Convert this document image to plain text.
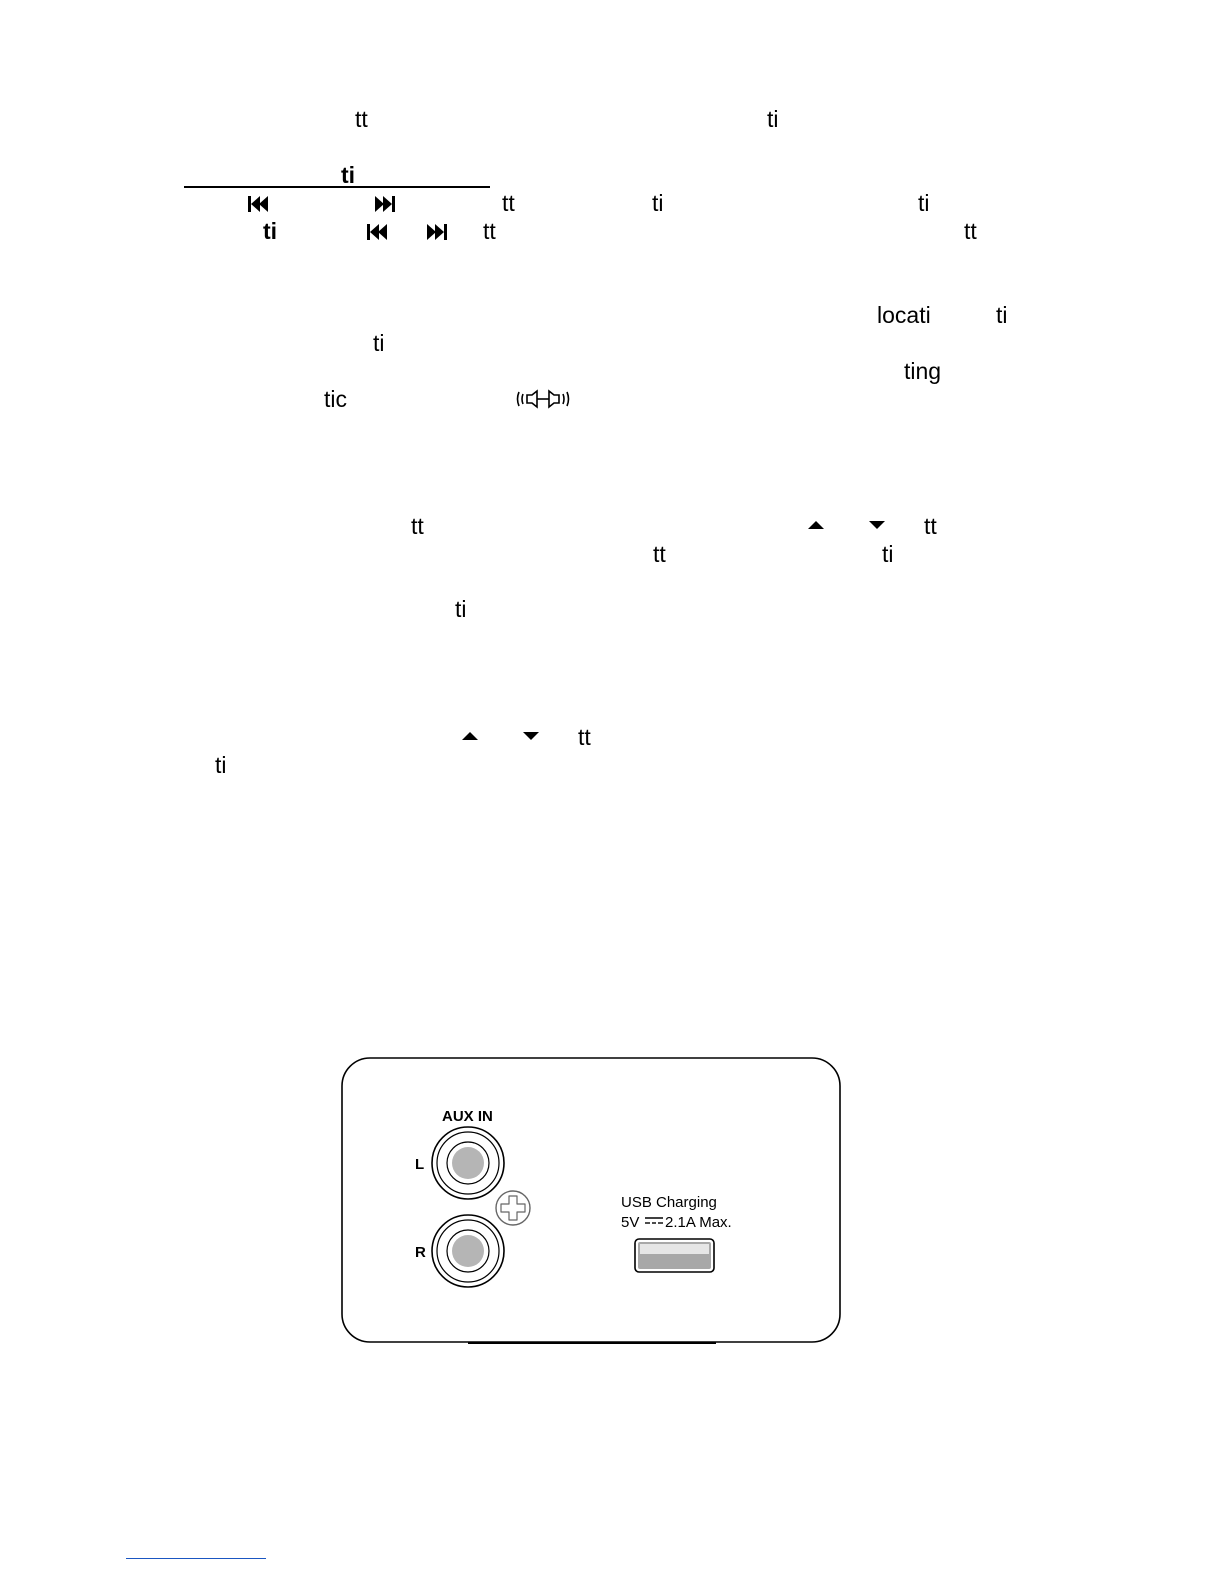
tt	ti
ti
tt	ti	ti
ti	tt	tt
locati	ti
ti
ting
tic
tt	tt
tt	ti
ti
tt
ti
AUX IN
L
R
USB Charging
5V 2.1A Max.
